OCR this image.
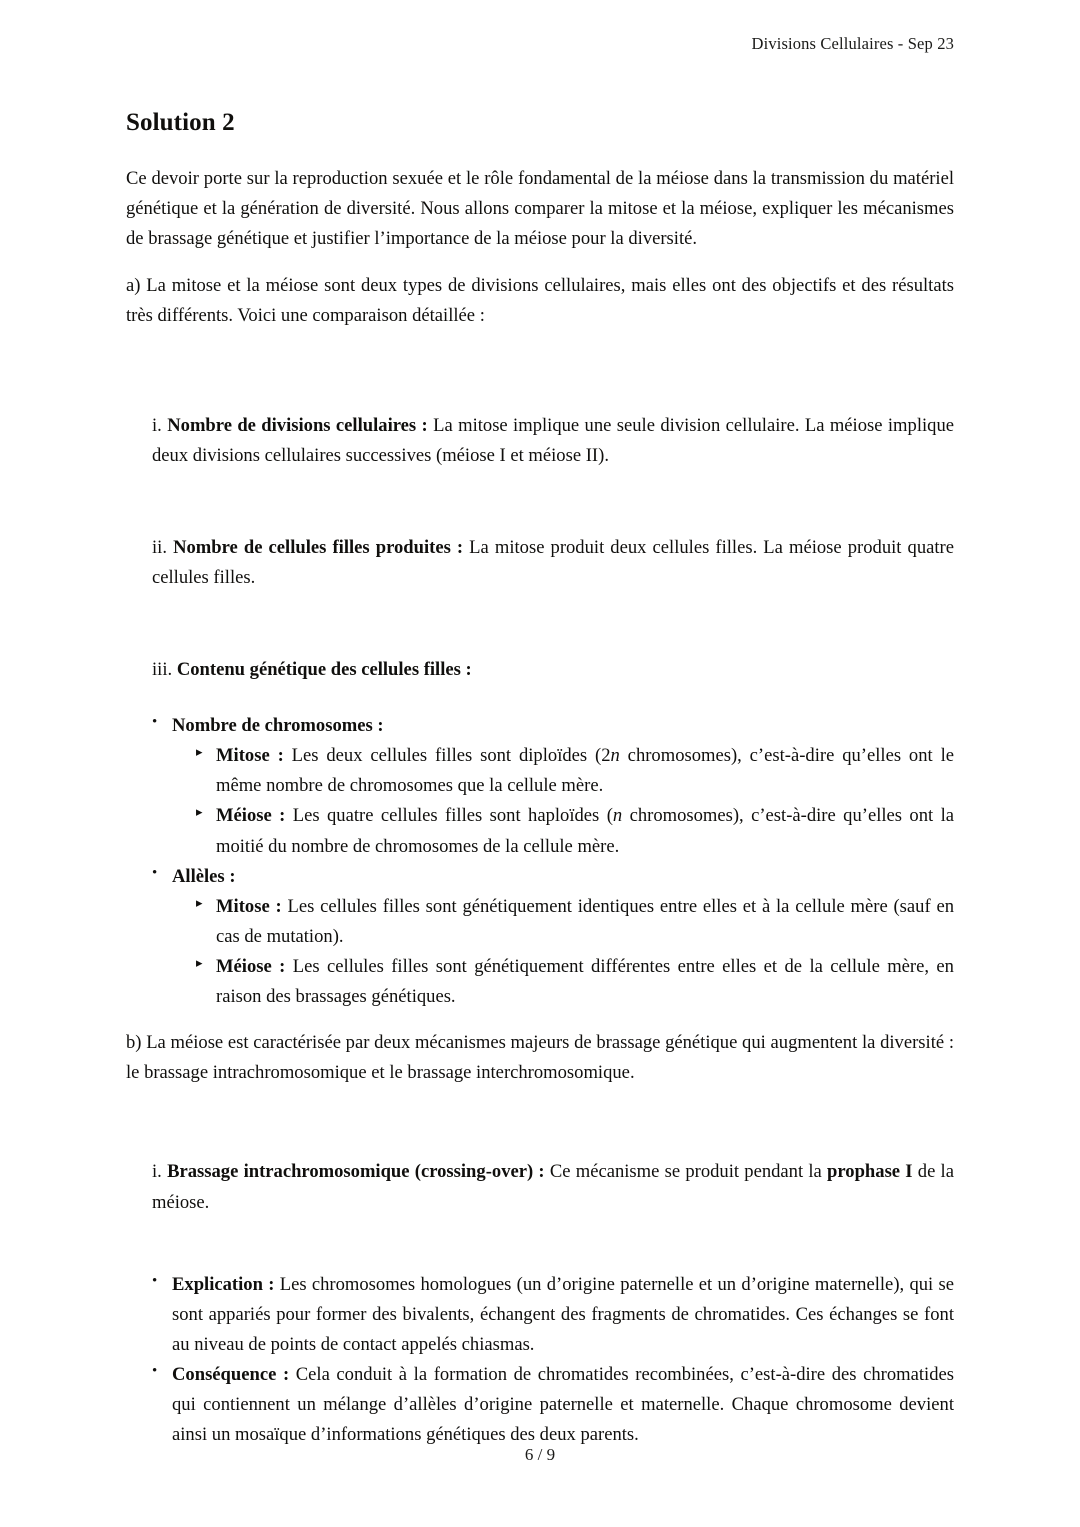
Divisions Cellulaires - Sep 23
Solution 2

Ce devoir porte sur la reproduction sexuée et le rôle fondamental de la méiose dans la transmission du matériel génétique et la génération de diversité. Nous allons comparer la mitose et la méiose, expliquer les mécanismes de brassage génétique et justifier l’importance de la méiose pour la diversité.

a) La mitose et la méiose sont deux types de divisions cellulaires, mais elles ont des objectifs et des résultats très différents. Voici une comparaison détaillée :

i. Nombre de divisions cellulaires : La mitose implique une seule division cellulaire. La méiose implique deux divisions cellulaires successives (méiose I et méiose II).
ii. Nombre de cellules filles produites : La mitose produit deux cellules filles. La méiose produit quatre cellules filles.
iii. Contenu génétique des cellules filles :
• Nombre de chromosomes :
▸ Mitose : Les deux cellules filles sont diploïdes (2n chromosomes), c’est-à-dire qu’elles ont le même nombre de chromosomes que la cellule mère.
▸ Méiose : Les quatre cellules filles sont haploïdes (n chromosomes), c’est-à-dire qu’elles ont la moitié du nombre de chromosomes de la cellule mère.
• Allèles :
▸ Mitose : Les cellules filles sont génétiquement identiques entre elles et à la cellule mère (sauf en cas de mutation).
▸ Méiose : Les cellules filles sont génétiquement différentes entre elles et de la cellule mère, en raison des brassages génétiques.

b) La méiose est caractérisée par deux mécanismes majeurs de brassage génétique qui augmentent la diversité : le brassage intrachromosomique et le brassage interchromosomique.

i. Brassage intrachromosomique (crossing-over) : Ce mécanisme se produit pendant la prophase I de la méiose.
• Explication : Les chromosomes homologues (un d’origine paternelle et un d’origine maternelle), qui se sont appariés pour former des bivalents, échangent des fragments de chromatides. Ces échanges se font au niveau de points de contact appelés chiasmas.
• Conséquence : Cela conduit à la formation de chromatides recombinées, c’est-à-dire des chromatides qui contiennent un mélange d’allèles d’origine paternelle et maternelle. Chaque chromosome devient ainsi un mosaïque d’informations génétiques des deux parents.
6 / 9
